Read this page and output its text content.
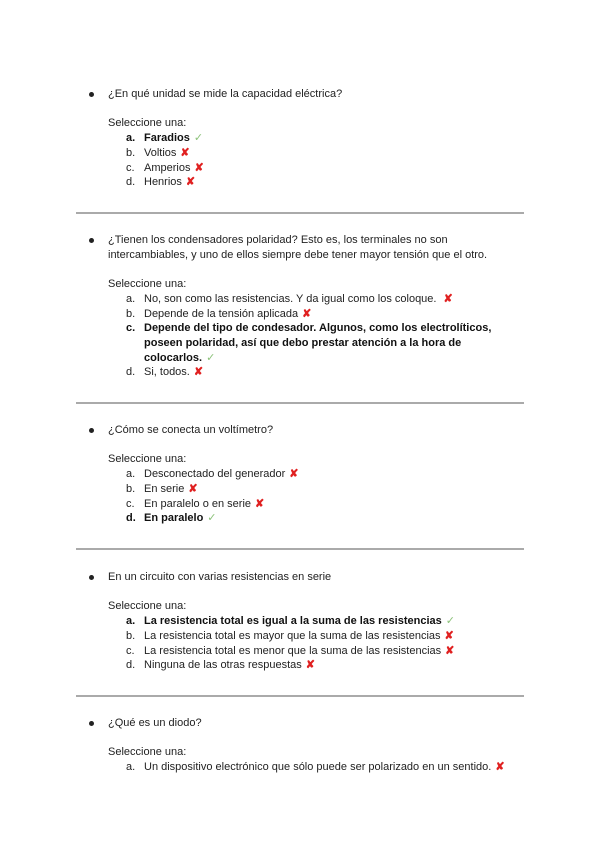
¿En qué unidad se mide la capacidad eléctrica?
Seleccione una:
a. Faradios ✓
b. Voltios ✘
c. Amperios ✘
d. Henrios ✘
¿Tienen los condensadores polaridad? Esto es, los terminales no son intercambiables, y uno de ellos siempre debe tener mayor tensión que el otro.
Seleccione una:
a. No, son como las resistencias. Y da igual como los coloque. ✘
b. Depende de la tensión aplicada ✘
c. Depende del tipo de condesador. Algunos, como los electrolíticos, poseen polaridad, así que debo prestar atención a la hora de colocarlos. ✓
d. Si, todos. ✘
¿Cómo se conecta un voltímetro?
Seleccione una:
a. Desconectado del generador ✘
b. En serie ✘
c. En paralelo o en serie ✘
d. En paralelo ✓
En un circuito con varias resistencias en serie
Seleccione una:
a. La resistencia total es igual a la suma de las resistencias ✓
b. La resistencia total es mayor que la suma de las resistencias ✘
c. La resistencia total es menor que la suma de las resistencias ✘
d. Ninguna de las otras respuestas ✘
¿Qué es un diodo?
Seleccione una:
a. Un dispositivo electrónico que sólo puede ser polarizado en un sentido. ✘
